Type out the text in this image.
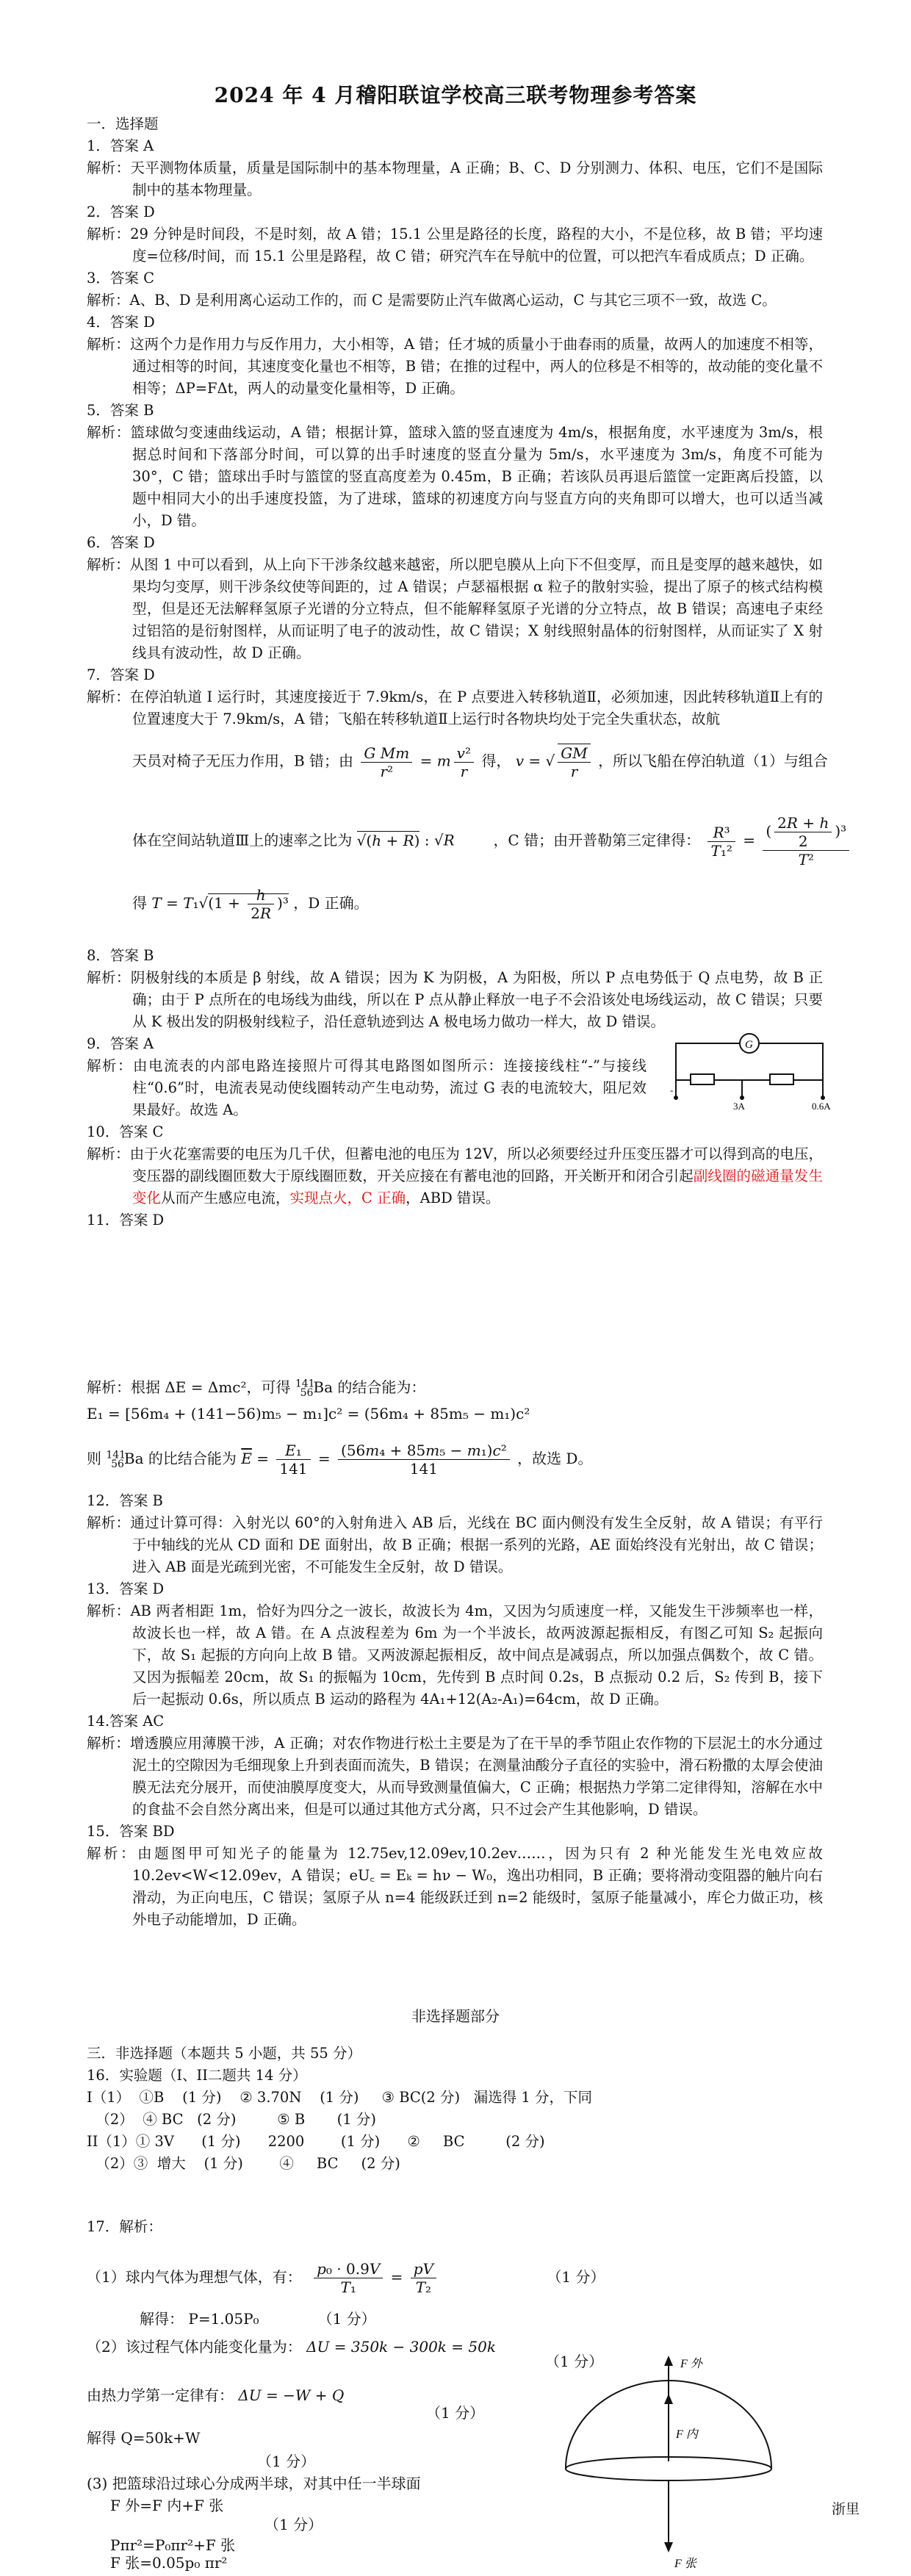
2024 年 4 月稽阳联谊学校高三联考物理参考答案

一．选择题

1．答案 A

解析：天平测物体质量，质量是国际制中的基本物理量，A 正确；B、C、D 分别测力、体积、电压，它们不是国际制中的基本物理量。

2．答案 D

解析：29 分钟是时间段，不是时刻，故 A 错；15.1 公里是路径的长度，路程的大小，不是位移，故 B 错；平均速度=位移/时间，而 15.1 公里是路程，故 C 错；研究汽车在导航中的位置，可以把汽车看成质点；D 正确。

3．答案 C

解析：A、B、D 是利用离心运动工作的，而 C 是需要防止汽车做离心运动，C 与其它三项不一致，故选 C。

4．答案 D

解析：这两个力是作用力与反作用力，大小相等，A 错；任才城的质量小于曲春雨的质量，故两人的加速度不相等，通过相等的时间，其速度变化量也不相等，B 错；在推的过程中，两人的位移是不相等的，故动能的变化量不相等；ΔP=FΔt，两人的动量变化量相等，D 正确。

5．答案 B

解析：篮球做匀变速曲线运动，A 错；根据计算，篮球入篮的竖直速度为 4m/s，根据角度，水平速度为 3m/s，根据总时间和下落部分时间，可以算的出手时速度的竖直分量为 5m/s，水平速度为 3m/s，角度不可能为 30°，C 错；篮球出手时与篮筐的竖直高度差为 0.45m，B 正确；若该队员再退后篮筐一定距离后投篮，以题中相同大小的出手速度投篮，为了进球，篮球的初速度方向与竖直方向的夹角即可以增大，也可以适当减小，D 错。

6．答案 D

解析：从图 1 中可以看到，从上向下干涉条纹越来越密，所以肥皂膜从上向下不但变厚，而且是变厚的越来越快，如果均匀变厚，则干涉条纹使等间距的，过 A 错误；卢瑟福根据 α 粒子的散射实验，提出了原子的核式结构模型，但是还无法解释氢原子光谱的分立特点，但不能解释氢原子光谱的分立特点，故 B 错误；高速电子束经过铝箔的是衍射图样，从而证明了电子的波动性，故 C 错误；X 射线照射晶体的衍射图样，从而证实了 X 射线具有波动性，故 D 正确。

7．答案 D

解析：在停泊轨道 I 运行时，其速度接近于 7.9km/s，在 P 点要进入转移轨道Ⅱ，必须加速，因此转移轨道Ⅱ上有的位置速度大于 7.9km/s，A 错；飞船在转移轨道Ⅱ上运行时各物块均处于完全失重状态，故航

天员对椅子无压力作用，B 错；由 $\frac{\text{G Mm}}{\text{r²}} = m \frac{\text{v²}}{r}$ 得， v = √ $\frac{GM}{r}$ ，所以飞船在停泊轨道（1）与组合
体在空间站轨道Ⅲ上的速率之比为 √(h + R) : √R	，C 错；由开普勒第三定律得： $\frac{\text{R³}}{\text{T₁²}} = \frac{( \frac{2R + h}{2} )^3}{\text{T²}}$
得 $T = T_1√(1 + \frac{h}{2R} )^3$ ，D 正确。

8．答案 B

解析：阴极射线的本质是 β 射线，故 A 错误；因为 K 为阴极，A 为阳极，所以 P 点电势低于 Q 点电势，故 B 正确；由于 P 点所在的电场线为曲线，所以在 P 点从静止释放一电子不会沿该处电场线运动，故 C 错误；只要从 K 极出发的阴极射线粒子，沿任意轨迹到达 A 极电场力做功一样大，故 D 错误。

9．答案 A

解析：由电流表的内部电路连接照片可得其电路图如图所示：连接接线柱“-”与接线柱“0.6”时，电流表晃动使线圈转动产生电动势，流过 G 表的电流较大，阻尼效果最好。故选 A。

10．答案 C

解析：由于火花塞需要的电压为几千伏，但蓄电池的电压为 12V，所以必须要经过升压变压器才可以得到高的电压，变压器的副线圈匝数大于原线圈匝数，开关应接在有蓄电池的回路，开关断开和闭合引起副线圈的磁通量发生变化从而产生感应电流，实现点火，C 正确，ABD 错误。

11．答案 D

G
-
3A	0.6A
解析：根据 ΔE = Δmc²，可得 $^{141}_{56}$Ba 的结合能为：
E₁ = [56m₄ + (141−56)m₅ − m₁]c² = (56m₄ + 85m₅ − m₁)c²
则 $^{141}_{56}$Ba 的比结合能为 $\overline{E} = \frac{\text{E₁}}{141} = \frac{\text{(56m₄ + 85m₅ − m₁)c²}}{141}$ ，故选 D。

12．答案 B

解析：通过计算可得：入射光以 60°的入射角进入 AB 后，光线在 BC 面内侧没有发生全反射，故 A 错误；有平行于中轴线的光从 CD 面和 DE 面射出，故 B 正确；根据一系列的光路，AE 面始终没有光射出，故 C 错误；进入 AB 面是光疏到光密，不可能发生全反射，故 D 错误。

13．答案 D

解析：AB 两者相距 1m，恰好为四分之一波长，故波长为 4m，又因为匀质速度一样，又能发生干涉频率也一样，故波长也一样，故 A 错。在 A 点波程差为 6m 为一个半波长，故两波源起振相反，有图乙可知 S₂ 起振向下，故 S₁ 起振的方向向上故 B 错。又两波源起振相反，故中间点是减弱点，所以加强点偶数个，故 C 错。又因为振幅差 20cm，故 S₁ 的振幅为 10cm，先传到 B 点时间 0.2s，B 点振动 0.2 后，S₂ 传到 B，接下后一起振动 0.6s，所以质点 B 运动的路程为 4A₁+12(A₂-A₁)=64cm，故 D 正确。

14.答案 AC

解析：增透膜应用薄膜干涉，A 正确；对农作物进行松土主要是为了在干旱的季节阻止农作物的下层泥土的水分通过泥土的空隙因为毛细现象上升到表面而流失，B 错误；在测量油酸分子直径的实验中，滑石粉撒的太厚会使油膜无法充分展开，而使油膜厚度变大，从而导致测量值偏大，C 正确；根据热力学第二定律得知，溶解在水中的食盐不会自然分离出来，但是可以通过其他方式分离，只不过会产生其他影响，D 错误。

15．答案 BD

解析：由题图甲可知光子的能量为 12.75ev,12.09ev,10.2ev……，因为只有 2 种光能发生光电效应故 10.2ev<W<12.09ev，A 错误；eU꜀ = Eₖ = hν − W₀，逸出功相同，B 正确；要将滑动变阻器的触片向右滑动，为正向电压，C 错误；氢原子从 n=4 能级跃迁到 n=2 能级时，氢原子能量减小，库仑力做正功，核外电子动能增加，D 正确。

非选择题部分

三．非选择题（本题共 5 小题，共 55 分）

16．实验题（I、II二题共 14 分）

I（1）  ①B    (1 分)    ② 3.70N    (1 分)     ③ BC(2 分)   漏选得 1 分，下同

（2）  ④ BC   (2 分)         ⑤ B       (1 分)

II（1）① 3V      (1 分)      2200        (1 分)      ②     BC         (2 分)

（2）③  增大    (1 分)        ④     BC     (2 分)

17．解析：
（1）球内气体为理想气体，有： $\frac{\text{p₀ · 0.9V}}{\text{T₁}} = \frac{pV}{\text{T₂}}$	（1 分）
解得： P=1.05P₀	（1 分）
（2）该过程气体内能变化量为： ΔU = 350k − 300k = 50k
（1 分）
由热力学第一定律有： ΔU = −W + Q
（1 分）
解得 Q=50k+W
（1 分）
(3) 把篮球沿过球心分成两半球，对其中任一半球面
F 外=F 内+F 张
（1 分）
Pπr²=P₀πr²+F 张
F 张=0.05p₀ πr²
F 外
F 内
F 张
浙里
